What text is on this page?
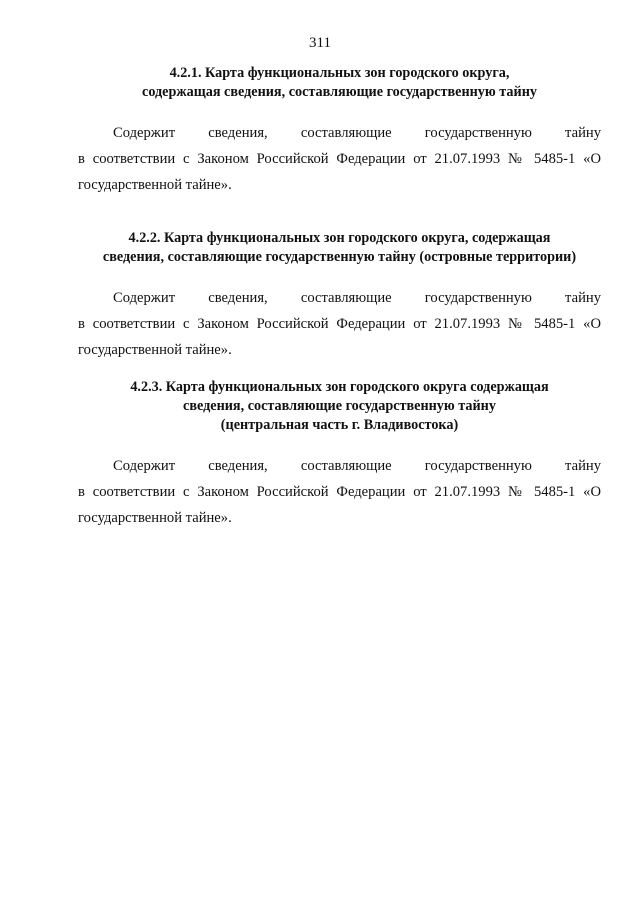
311
4.2.1. Карта функциональных зон городского округа,
содержащая сведения, составляющие государственную тайну
Содержит сведения, составляющие государственную тайну
в соответствии с Законом Российской Федерации от 21.07.1993 № 5485-1 «О
государственной тайне».
4.2.2. Карта функциональных зон городского округа, содержащая
сведения, составляющие государственную тайну (островные территории)
Содержит сведения, составляющие государственную тайну
в соответствии с Законом Российской Федерации от 21.07.1993 № 5485-1 «О
государственной тайне».
4.2.3. Карта функциональных зон городского округа содержащая
сведения, составляющие государственную тайну
(центральная часть г. Владивостока)
Содержит сведения, составляющие государственную тайну
в соответствии с Законом Российской Федерации от 21.07.1993 № 5485-1 «О
государственной тайне».
